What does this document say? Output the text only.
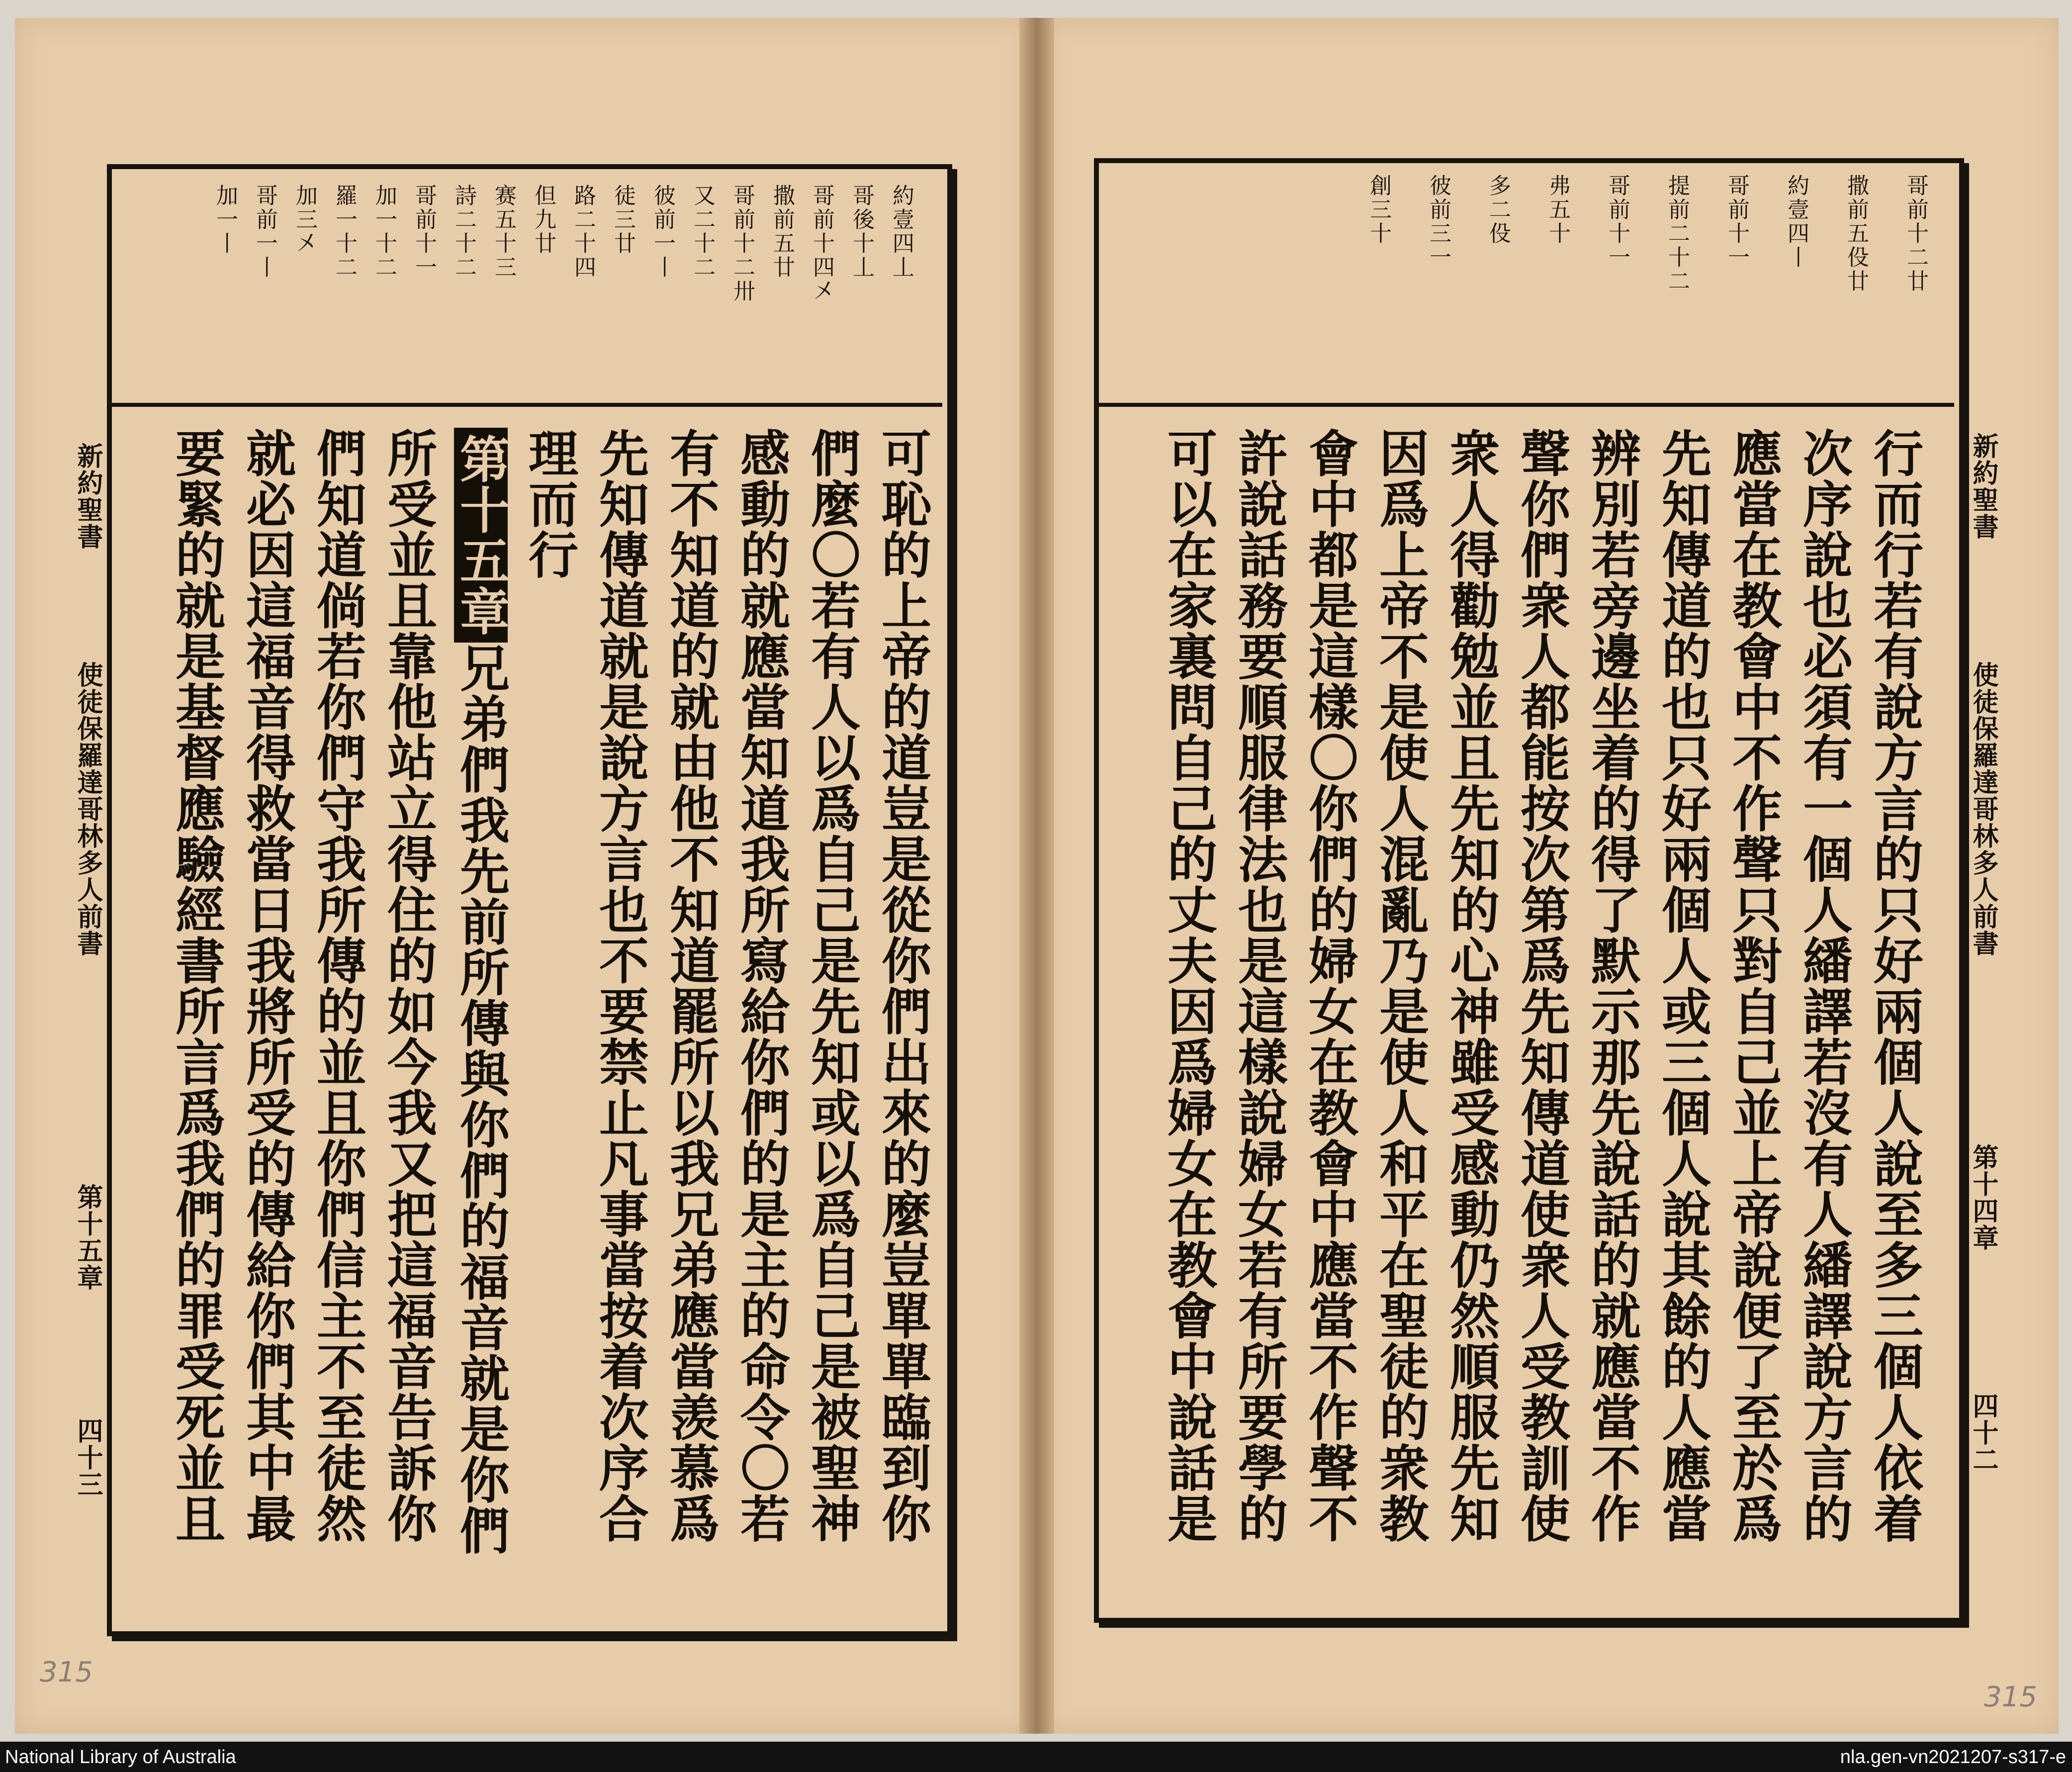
約壹四丄
哥後十丄
哥前十四㐅
撒前五廿
哥前十二卅
又二十二
彼前一丨
徒三廿
路二十四
但九廿
赛五十三
詩二十二
哥前十一
加一十二
羅一十二
加三㐅
哥前一丨
加一丨
可恥的上帝的道豈是從你們出來的麼豈單單臨到你
們麼〇若有人以爲自己是先知或以爲自己是被聖神
感動的就應當知道我所寫給你們的是主的命令〇若
有不知道的就由他不知道罷所以我兄弟應當羡慕爲
先知傳道就是說方言也不要禁止凡事當按着次序合
理而行
第十五章兄弟們我先前所傳與你們的福音就是你們
所受並且靠他站立得住的如今我又把這福音告訴你
們知道倘若你們守我所傳的並且你們信主不至徒然
就必因這福音得救當日我將所受的傳給你們其中最
要緊的就是基督應驗經書所言爲我們的罪受死並且
新約聖書
使徒保羅達哥林多人前書
第十五章
四十三
315
哥前十二廿
撒前五伇廿
約壹四丨
哥前十一
提前二十二
哥前十一
弗五十
多二伇
彼前三一
創三十
行而行若有說方言的只好兩個人說至多三個人依着
次序說也必須有一個人繙譯若沒有人繙譯說方言的
應當在教會中不作聲只對自己並上帝說便了至於爲
先知傳道的也只好兩個人或三個人說其餘的人應當
辨別若旁邊坐着的得了默示那先說話的就應當不作
聲你們衆人都能按次第爲先知傳道使衆人受教訓使
衆人得勸勉並且先知的心神雖受感動仍然順服先知
因爲上帝不是使人混亂乃是使人和平在聖徒的衆教
會中都是這樣〇你們的婦女在教會中應當不作聲不
許說話務要順服律法也是這樣說婦女若有所要學的
可以在家裏問自己的丈夫因爲婦女在教會中說話是	新約聖書
使徒保羅達哥林多人前書
第十四章
四十二
315
National Library of Australia	nla.gen-vn2021207-s317-e
